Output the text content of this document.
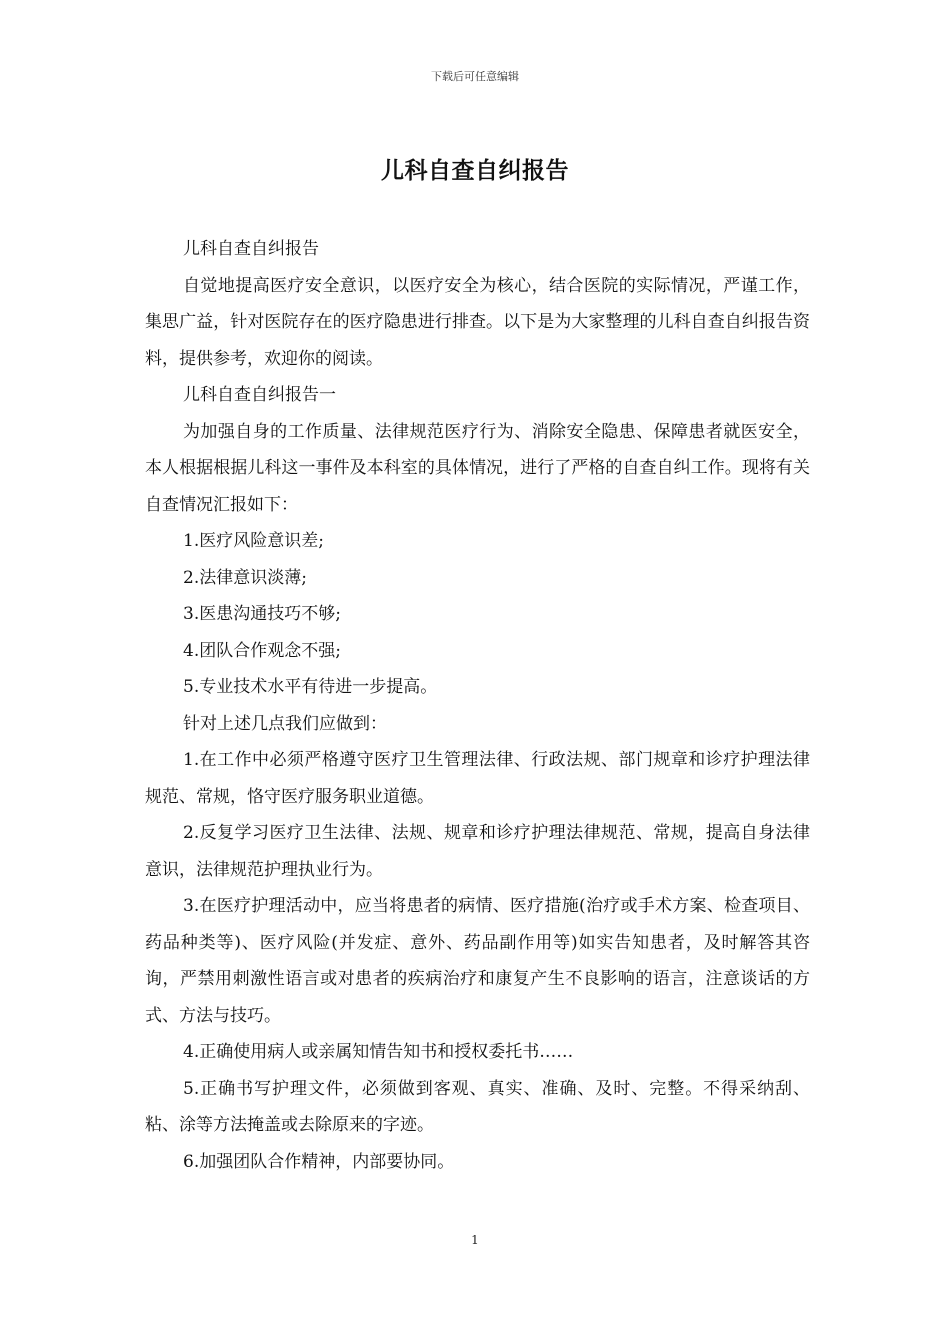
下载后可任意编辑
儿科自查自纠报告

儿科自查自纠报告

自觉地提高医疗安全意识，以医疗安全为核心，结合医院的实际情况，严谨工作，集思广益，针对医院存在的医疗隐患进行排查。以下是为大家整理的儿科自查自纠报告资料，提供参考，欢迎你的阅读。

儿科自查自纠报告一

为加强自身的工作质量、法律规范医疗行为、消除安全隐患、保障患者就医安全，本人根据根据儿科这一事件及本科室的具体情况，进行了严格的自查自纠工作。现将有关自查情况汇报如下：

1.医疗风险意识差;

2.法律意识淡薄;

3.医患沟通技巧不够;

4.团队合作观念不强;

5.专业技术水平有待进一步提高。

针对上述几点我们应做到：

1.在工作中必须严格遵守医疗卫生管理法律、行政法规、部门规章和诊疗护理法律规范、常规，恪守医疗服务职业道德。

2.反复学习医疗卫生法律、法规、规章和诊疗护理法律规范、常规，提高自身法律意识，法律规范护理执业行为。

3.在医疗护理活动中，应当将患者的病情、医疗措施(治疗或手术方案、检查项目、药品种类等)、医疗风险(并发症、意外、药品副作用等)如实告知患者，及时解答其咨询，严禁用刺激性语言或对患者的疾病治疗和康复产生不良影响的语言，注意谈话的方式、方法与技巧。

4.正确使用病人或亲属知情告知书和授权委托书……

5.正确书写护理文件，必须做到客观、真实、准确、及时、完整。不得采纳刮、粘、涂等方法掩盖或去除原来的字迹。

6.加强团队合作精神，内部要协同。

1
